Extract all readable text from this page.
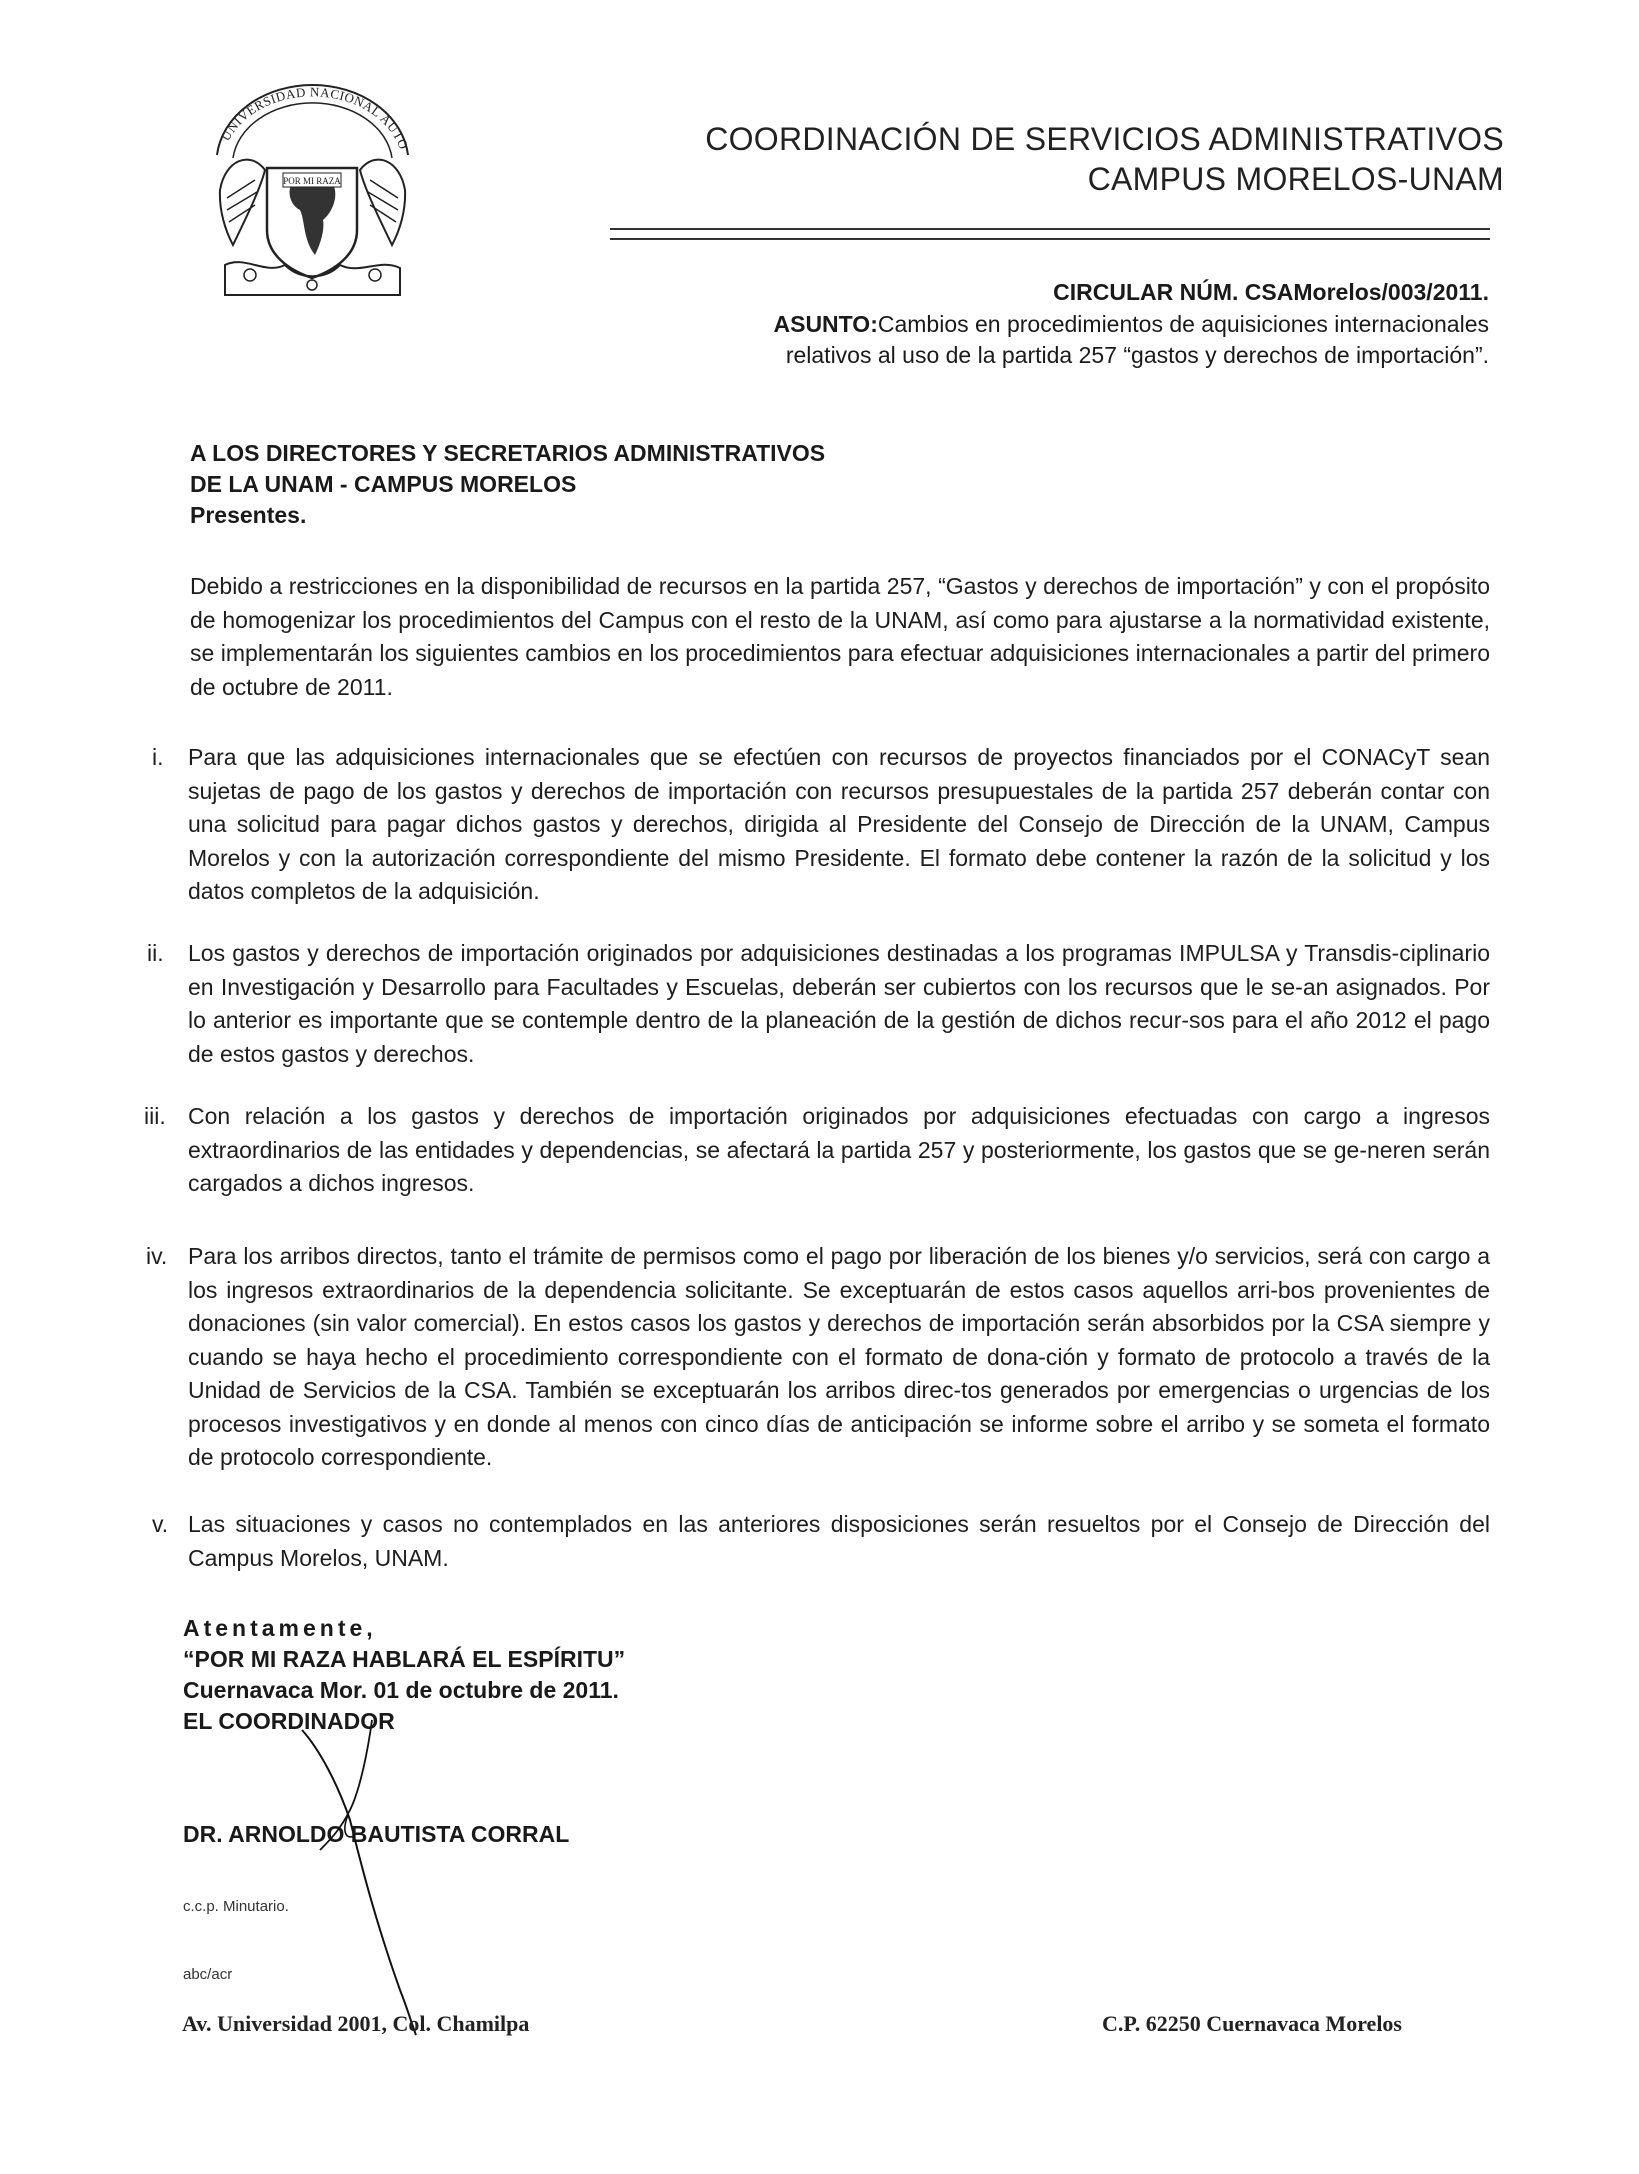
UNIVERSIDAD NACIONAL AUTO
POR MI RAZA
COORDINACIÓN DE SERVICIOS ADMINISTRATIVOS
CAMPUS MORELOS-UNAM
CIRCULAR NÚM. CSAMorelos/003/2011.
ASUNTO:Cambios en procedimientos de aquisiciones internacionales relativos al uso de la partida 257 “gastos y derechos de importación”.
A LOS DIRECTORES Y SECRETARIOS ADMINISTRATIVOS
DE LA UNAM - CAMPUS MORELOS
Presentes.
Debido a restricciones en la disponibilidad de recursos en la partida 257, “Gastos y derechos de importación” y con el propósito de homogenizar los procedimientos del Campus con el resto de la UNAM, así como para ajustarse a la normatividad existente, se implementarán los siguientes cambios en los procedimientos para efectuar adquisiciones internacionales a partir del primero de octubre de 2011.
i. Para que las adquisiciones internacionales que se efectúen con recursos de proyectos financiados por el CONACyT sean sujetas de pago de los gastos y derechos de importación con recursos presupuestales de la partida 257 deberán contar con una solicitud para pagar dichos gastos y derechos, dirigida al Presidente del Consejo de Dirección de la UNAM, Campus Morelos y con la autorización correspondiente del mismo Presidente. El formato debe contener la razón de la solicitud y los datos completos de la adquisición.
ii. Los gastos y derechos de importación originados por adquisiciones destinadas a los programas IMPULSA y Transdis-ciplinario en Investigación y Desarrollo para Facultades y Escuelas, deberán ser cubiertos con los recursos que le se-an asignados. Por lo anterior es importante que se contemple dentro de la planeación de la gestión de dichos recur-sos para el año 2012 el pago de estos gastos y derechos.
iii. Con relación a los gastos y derechos de importación originados por adquisiciones efectuadas con cargo a ingresos extraordinarios de las entidades y dependencias, se afectará la partida 257 y posteriormente, los gastos que se ge-neren serán cargados a dichos ingresos.
iv. Para los arribos directos, tanto el trámite de permisos como el pago por liberación de los bienes y/o servicios, será con cargo a los ingresos extraordinarios de la dependencia solicitante. Se exceptuarán de estos casos aquellos arri-bos provenientes de donaciones (sin valor comercial). En estos casos los gastos y derechos de importación serán absorbidos por la CSA siempre y cuando se haya hecho el procedimiento correspondiente con el formato de dona-ción y formato de protocolo a través de la Unidad de Servicios de la CSA. También se exceptuarán los arribos direc-tos generados por emergencias o urgencias de los procesos investigativos y en donde al menos con cinco días de anticipación se informe sobre el arribo y se someta el formato de protocolo correspondiente.
v. Las situaciones y casos no contemplados en las anteriores disposiciones serán resueltos por el Consejo de Dirección del Campus Morelos, UNAM.
Atentamente,
“POR MI RAZA HABLARÁ EL ESPÍRITU”
Cuernavaca Mor. 01 de octubre de 2011.
EL COORDINADOR
DR. ARNOLDO BAUTISTA CORRAL
c.c.p. Minutario.
abc/acr
Av. Universidad 2001, Col. Chamilpa	C.P. 62250 Cuernavaca Morelos
